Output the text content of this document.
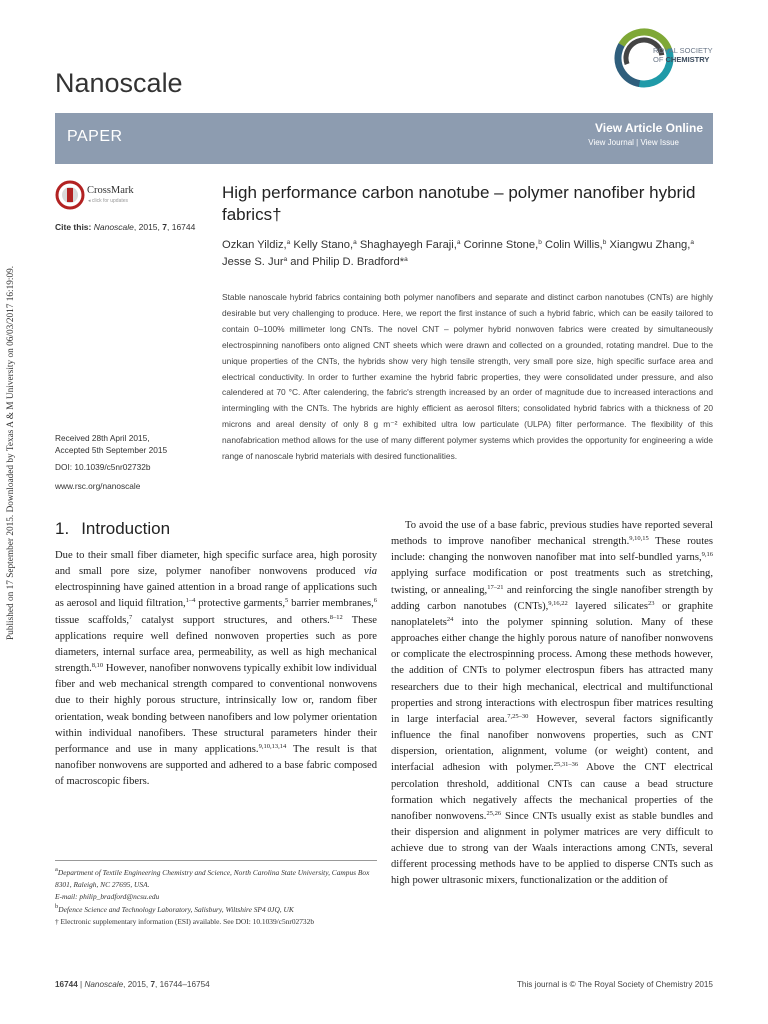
Published on 17 September 2015. Downloaded by Texas A & M University on 06/03/2017 16:19:09.
Nanoscale
ROYAL SOCIETY
OF CHEMISTRY
PAPER	View Article Online
View Journal | View Issue
CrossMark
◂ click for updates
Cite this: Nanoscale, 2015, 7, 16744
Received 28th April 2015,
Accepted 5th September 2015
DOI: 10.1039/c5nr02732b
www.rsc.org/nanoscale
High performance carbon nanotube – polymer nanofiber hybrid fabrics†
Ozkan Yildiz,$^a$ Kelly Stano,$^a$ Shaghayegh Faraji,$^a$ Corinne Stone,$^b$ Colin Willis,$^b$ Xiangwu Zhang,$^a$ Jesse S. Jur$^a$ and Philip D. Bradford*$^a$
Stable nanoscale hybrid fabrics containing both polymer nanofibers and separate and distinct carbon nanotubes (CNTs) are highly desirable but very challenging to produce. Here, we report the first instance of such a hybrid fabric, which can be easily tailored to contain 0–100% millimeter long CNTs. The novel CNT – polymer hybrid nonwoven fabrics were created by simultaneously electrospinning nanofibers onto aligned CNT sheets which were drawn and collected on a grounded, rotating mandrel. Due to the unique properties of the CNTs, the hybrids show very high tensile strength, very small pore size, high specific surface area and electrical conductivity. In order to further examine the hybrid fabric properties, they were consolidated under pressure, and also calendered at 70 °C. After calendering, the fabric's strength increased by an order of magnitude due to increased interactions and intermingling with the CNTs. The hybrids are highly efficient as aerosol filters; consolidated hybrid fabrics with a thickness of 20 microns and areal density of only 8 g m⁻² exhibited ultra low particulate (ULPA) filter performance. The flexibility of this nanofabrication method allows for the use of many different polymer systems which provides the opportunity for engineering a wide range of nanoscale hybrid materials with desired functionalities.
1. Introduction
Due to their small fiber diameter, high specific surface area, high porosity and small pore size, polymer nanofiber nonwovens produced via electrospinning have gained attention in a broad range of applications such as aerosol and liquid filtration,$^{1-4}$ protective garments,$^5$ barrier membranes,$^6$ tissue scaffolds,$^7$ catalyst support structures, and others.$^{8-12}$ These applications require well defined nonwoven properties such as pore diameters, internal surface area, permeability, as well as high mechanical strength.$^{8,10}$ However, nanofiber nonwovens typically exhibit low individual fiber and web mechanical strength compared to conventional nonwovens due to their highly porous structure, intrinsically low or, random fiber orientation, weak bonding between nanofibers and low polymer orientation within individual nanofibers. These structural parameters hinder their performance and use in many applications.$^{9,10,13,14}$ The result is that nanofiber nonwovens are supported and adhered to a base fabric composed of macroscopic fibers.
To avoid the use of a base fabric, previous studies have reported several methods to improve nanofiber mechanical strength.$^{9,10,15}$ These routes include: changing the nonwoven nanofiber mat into self-bundled yarns,$^{9,16}$ applying surface modification or post treatments such as stretching, twisting, or annealing,$^{17-21}$ and reinforcing the single nanofiber strength by adding carbon nanotubes (CNTs),$^{9,16,22}$ layered silicates$^{23}$ or graphite nanoplatelets$^{24}$ into the polymer spinning solution. Many of these approaches either change the highly porous nature of nanofiber nonwovens or complicate the electrospinning process. Among these methods however, the addition of CNTs to polymer electrospun fibers has attracted many researchers due to their high mechanical, electrical and multifunctional properties and strong interactions with electrospun fiber matrices resulting in large interfacial area.$^{7,25-30}$ However, several factors significantly influence the final nanofiber nonwovens properties, such as CNT dispersion, orientation, alignment, volume (or weight) content, and interfacial adhesion with polymer.$^{25,31-36}$ Above the CNT electrical percolation threshold, additional CNTs can cause a bead structure formation which negatively affects the mechanical properties of the nanofiber nonwovens.$^{25,26}$ Since CNTs usually exist as stable bundles and their dispersion and alignment in polymer matrices are very difficult to achieve due to strong van der Waals interactions among CNTs, several different processing methods have to be applied to disperse CNTs such as high power ultrasonic mixers, functionalization or the addition of
$^a$Department of Textile Engineering Chemistry and Science, North Carolina State University, Campus Box 8301, Raleigh, NC 27695, USA.
E-mail: philip_bradford@ncsu.edu
$^b$Defence Science and Technology Laboratory, Salisbury, Wiltshire SP4 0JQ, UK
† Electronic supplementary information (ESI) available. See DOI: 10.1039/c5nr02732b
16744 | Nanoscale, 2015, 7, 16744–16754	This journal is © The Royal Society of Chemistry 2015
